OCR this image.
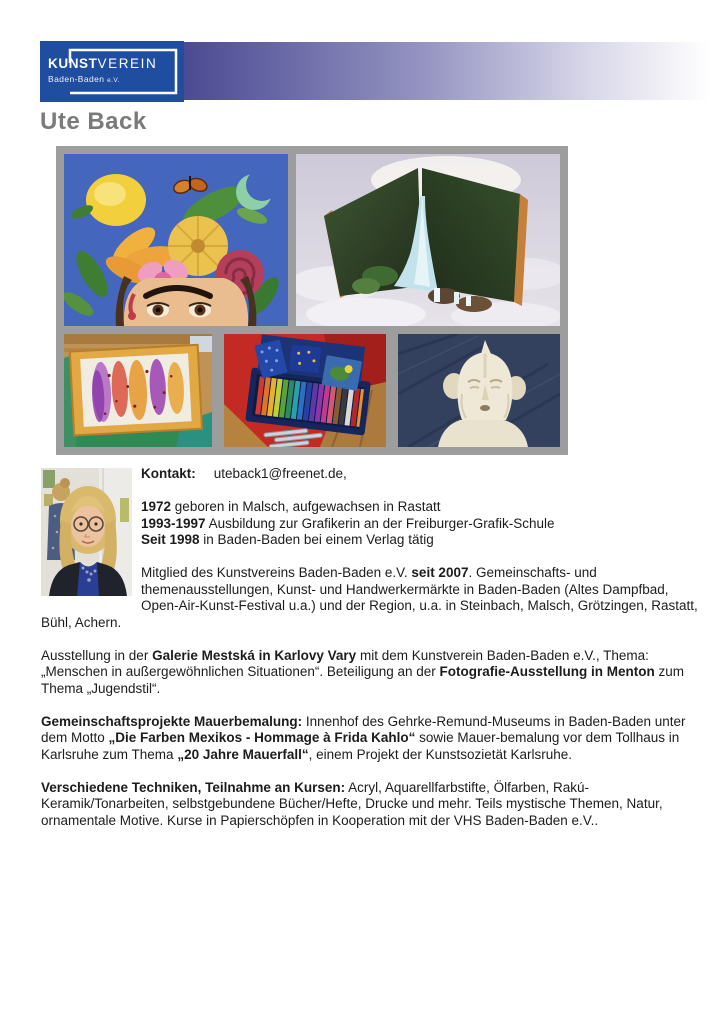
KUNSTVEREIN
Baden-Baden e.V.
Ute Back

Kontakt: uteback1@freenet.de,

1972 geboren in Malsch, aufgewachsen in Rastatt
1993-1997 Ausbildung zur Grafikerin an der Freiburger-Grafik-Schule
Seit 1998 in Baden-Baden bei einem Verlag tätig

Mitglied des Kunstvereins Baden-Baden e.V. seit 2007. Gemeinschafts- und themenausstellungen, Kunst- und Handwerkermärkte in Baden-Baden (Altes Dampfbad, Open-Air-Kunst-Festival u.a.) und der Region, u.a. in Steinbach, Malsch, Grötzingen, Rastatt, Bühl, Achern.

Ausstellung in der Galerie Mestská in Karlovy Vary mit dem Kunstverein Baden-Baden e.V., Thema: „Menschen in außergewöhnlichen Situationen“. Beteiligung an der Fotografie-Ausstellung in Menton zum Thema „Jugendstil“.

Gemeinschaftsprojekte Mauerbemalung: Innenhof des Gehrke-Remund-Museums in Baden-Baden unter dem Motto „Die Farben Mexikos - Hommage à Frida Kahlo“ sowie Mauer-bemalung vor dem Tollhaus in Karlsruhe zum Thema „20 Jahre Mauerfall“, einem Projekt der Kunstsozietät Karlsruhe.

Verschiedene Techniken, Teilnahme an Kursen: Acryl, Aquarellfarbstifte, Ölfarben, Rakú-Keramik/Tonarbeiten, selbstgebundene Bücher/Hefte, Drucke und mehr. Teils mystische Themen, Natur, ornamentale Motive. Kurse in Papierschöpfen in Kooperation mit der VHS Baden-Baden e.V..
